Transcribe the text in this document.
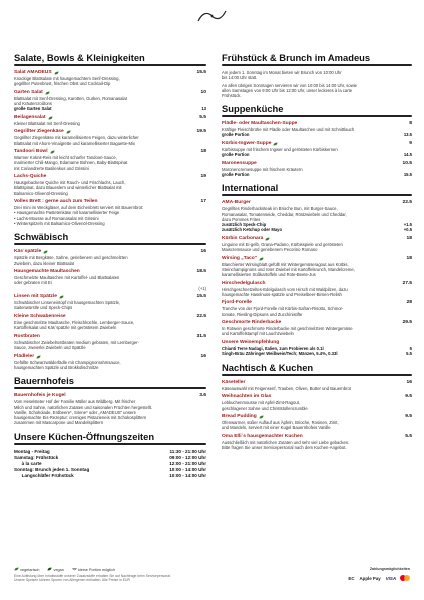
Salate, Bowls & Kleinigkeiten
Salat AMADEUS	15.5
Knackige Blattsalate mit hausgemachtem Senf-Dressing,
gegrillter Putenbrust, frischen Obst und Cocktail-Dip
Garten Salat	10
Blattsalat mit Senf-Dressing, Karotten, Gurken, Romanasalat
und Kräutercroûtons
große Garten Salat	13
Beilagensalat	5.5
Kleiner Blattsalat mit Senf-Dressing
Gegrillter Ziegenkäse	19.5
Gegrillter Ziegenkäse mit karamellisierten Feigen, dazu winterlicher
Blattsalat mit Ahorn-Vinaigrette und karamellisierter Baguette-Mix
Tandoori Bowl	18
Warmer Koknit-Reis mit leicht scharfer Tandoori-Sauce,
marinierter Chili-Mango, Edamame Bohnen, Baby-Blattspinat
mit Coriandrerte Basilenkus und Grissini
Lachs-Quiche	19
Hausgebackene Quiche mit Rauch- und Frischlachs, Lauch,
Blattspinat, dazu Blaueslern und winterlicher Blattsalat mit
Balsamico-Olivenöl-Dressing
Volles Brett : gerne auch zum Teilen	17
Drei mini im Weckgläser, auf dem Eichenbrett serviert mit Bauernbrot:
• Hausgemachte Pastetenkäse mit karamellisierter Feige
• Lachs-Mousse auf Romanasalat mit Grissini
• Winterspitzeln mit Balsamico-Olivenöl-Dressing
Schwäbisch
Käs´spätzle	16
Spätzle mit Bergkäse, Sahne, geriebenem und geschmelzten
Zwiebeln, dazu kleiner Blattsalat
Hausgemachte Maultaschen	18.5
Geschmelzte Maultaschen mit Kartoffel- und Blattsalaten
oder gebraten mit Ei
(+1)
Linsen mit Spätzle	15.5
Schwäbischer Linseneintopf mit hausgemachten Spätzle,
Saitenwürstle und Speck-Chips
Kleine Schwabenreise	22.5
Eine geschmelzte Maultasche, Fleischküchle, Lemberger-Sauce,
Kartoffelsalat und Käs´spätzle mit geröstetem Zwiebeln
Rostbraten	31.5
Schwäbischer Zwiebelrostbraten medium gebraten, mit Lemberger-
Sauce, zweierlei Zwiebeln und Spätzle
Flädleler	16
Gefüllte Schwarzwälderfädle mit Champignonrahmsauce,
hausgemachten Spätzle und Brokkolischnitze
Bauernhofeis
Bauernhofeis je Kugel	3.6
Vom Heselsteter Hof der Familie Müller aus Wildberg. Mit frischer
Milch und Sahne, natürlichen Zutaten und saisonalen Früchten hergestellt.
Vanille, Schokolade, Erdbeere*, Sirene* oder „AMADEUS" unsere
hausgemachte Eis-Rezeptur: cremiges Pistazieneis mit Schokosplittern
zusammen mit Mascarpone und Mandelsplittern
Unsere Küchen-Öffnungszeiten
Montag - Freitag	11:30 - 21:00 Uhr
Samstag: Frühstück	09:00 - 12:00 Uhr
à la carte	12:00 - 21:00 Uhr
Sonntag: Brunch jeden 1. Sonntag	10:00 - 14:00 Uhr
Langschläfer Frühstück	10:00 - 14:00 Uhr
Frühstück & Brunch im Amadeus
Am jedem 1. Sonntag im Monat bieten wir Brunch von 10:00 Uhr
bis 14:00 Uhr statt.
An allen übrigen Sonntagen servieren wir von 10:00 bis 14:00 Uhr, sowie
allen Samstagen von 9:00 Uhr bis 12:00 Uhr, unser leckeres à la carte
Frühstück.
Suppenküche
Flädle- oder Maultaschen-Suppe	8
Kräftige Fleischbrühe mit Flädle oder Maultaschen und mit Schnittlauch
große Portion	13.5
Kürbis-Ingwer-Suppe	9
Kürbissuppe mit frischem Ingwer und gerösteten Kürbiskernen
große Portion	14.5
Maronensuppe	10.5
Maronencremesuppe mit frischem Kräutern
große Portion	15.5
International
AMA-Burger	22.5
Gegrilltes Rinderhacksteak im Brioche Bun, mit Burger-Sauce,
Romanasalat, Tomatenseide, Cheddar, Röstzwiebeln und Cheddar,
dazu Pommes Frites
zusätzlich Speck-Chip	+1.5
zusätzlich Ketchup oder Mayo	+0.5
Kürbis Carbonara	18
Linguine mit Ei-gelb, Grana-Padano, Kürbisspiele und gerösteten
Maiscremsauce und geriebenem Pecorino Romano
Wirsing „Taco"	18
Blanchierter Wirsingblatt gefüllt mit Wintergemüseragout aus Kürbis,
Steinchampignons und roter Zwiebel mit Kartoffelsrunch, Mandelcreme,
karamellisierten Süßkartoffeln und Rote-Beete-Jus
Hirschedelgulasch	27.5
Hirschgeschnetzeltes-Edelgulasch vom Hirsch mit Waldpilzen, dazu
hausgemachte Haselnuss-spätzle und Preiselbeer-Birnen-Relish
Fjord-Forelle	28
Tranche von der Fjord-Forelle mit Kürbis-Safran-Risotto, Schmor-
tomate, Riesling-Dipsuns und Zucchinistifte
Geschmorte Rinderbacke	29.5
In Rotwein geschmorte Rinderbacke mit geschmelztem Wintergemüse
und Kartoffelstampf mit Lauchzwiebeln
Unsere Weinempfehlung
Chianti Terre Nadagi, Italien, zum Probieren als 0.1l	5
Singh-Bräu Zähringer Weißwein/Tech; Mänzen, 5.4%, 0.33l	5.5
Nachtisch & Kuchen
Käseteller	16
Käseauswahl mit Feigensenf, Trauben, Oliven, Butter und Bauernbrot
Weihnachten im Glas	9.5
Lebkuchenmousse mit Apfel-Zimt-Ragout,
geschlagener Sahne und Christstollencrumble
Bread Pudding	9.5
Ofenwarmer, süßer Auflauf aus Äpfeln, Brioche, Rosinen, Zimt,
und Mandeln, serviert mit einer Kugel Bauernhofeis Vanille
Oma Elli´s hausgemachter Kuchen	5.5
Ausschließlich mit natürlichen Zutaten und sehr viel Liebe gebacken.
Bitte fragen Sie unser Servicepersonal nach dem Kuchen-Angebot.
vegetarisch	vegan	kleine Portion möglich
Eine Auflistung über Inhaltsstoffe unserer Zusatzstoffe erhalten Sie auf Nachfrage beim Servicepersonal.
Unsere Speisen können Spuren von Allergenen enthalten. Alle Preise in EUR
Zahlungsmöglichkeiten
EC Apple Pay VISA
